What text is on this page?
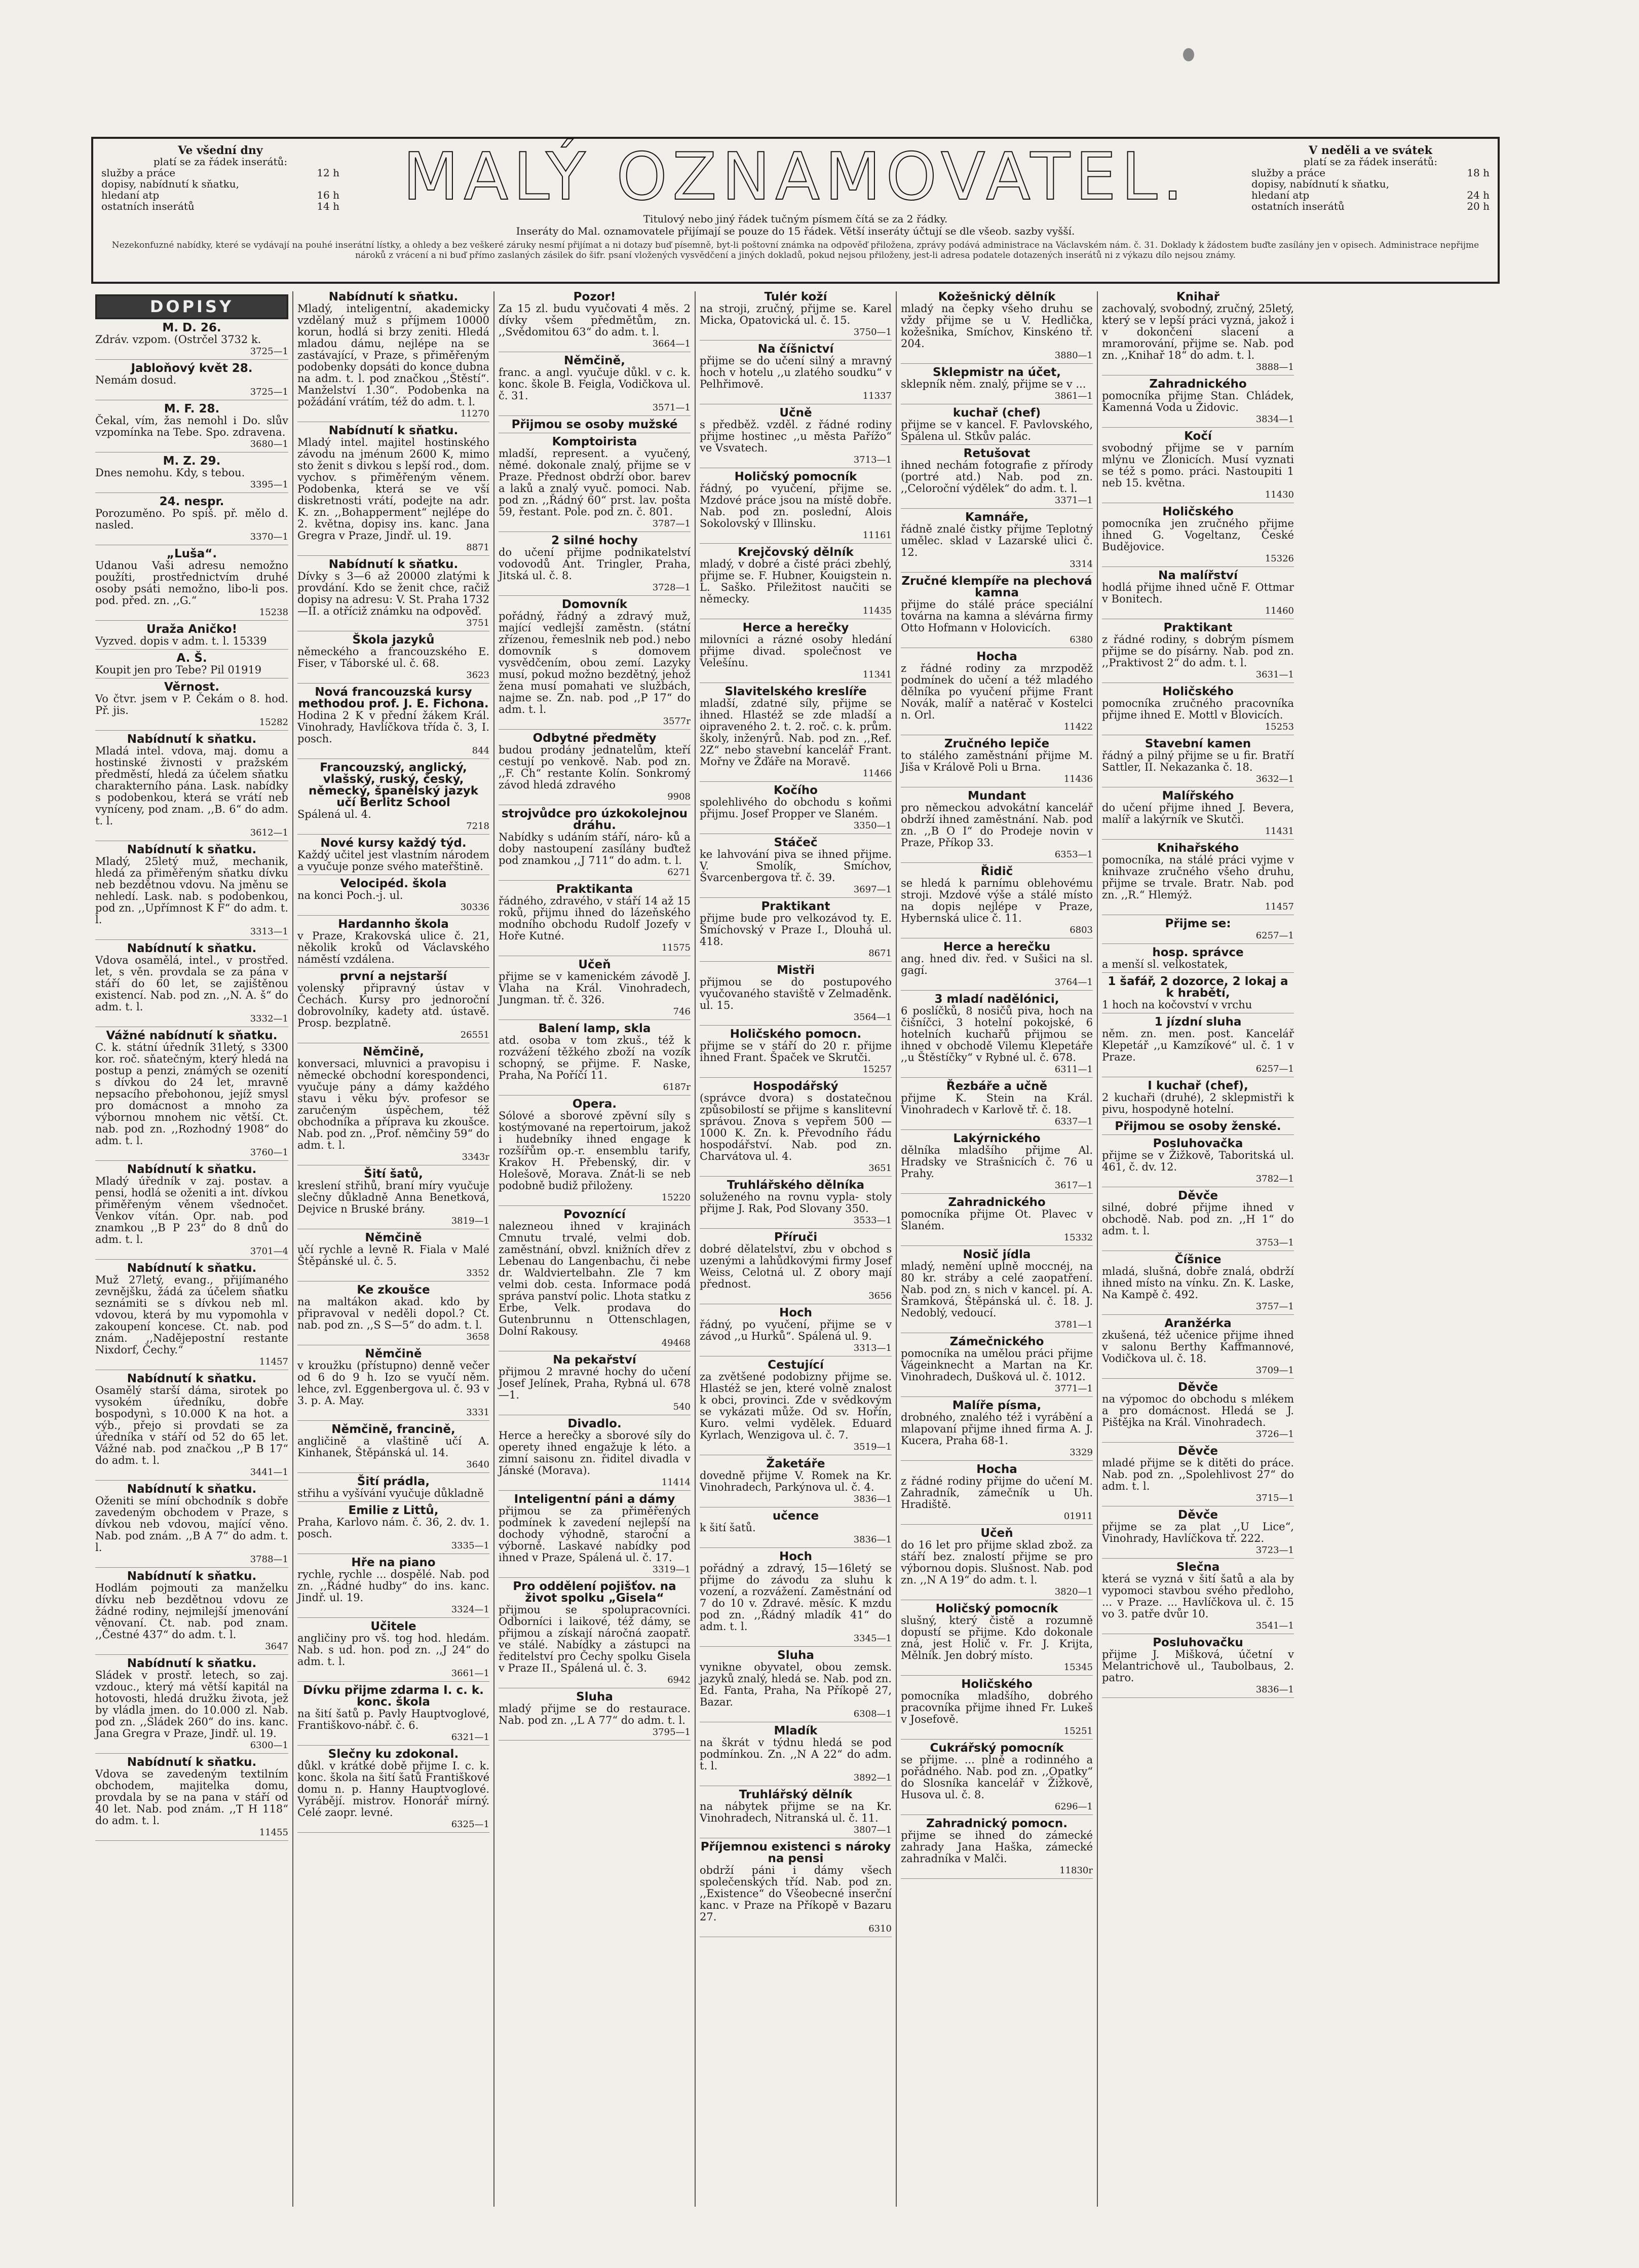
Ve všední dny
platí se za řádek inserátů:
služby a práce	12 h
dopisy, nabídnutí k sňatku,
hledaní atp	16 h
ostatních inserátů	14 h MALÝ OZNAMOVATEL.
Titulový nebo jiný řádek tučným písmem čítá se za 2 řádky.
Inseráty do Mal. oznamovatele přijímají se pouze do 15 řádek. Větší inseráty účtují se dle všeob. sazby vyšší.
V neděli a ve svátek
platí se za řádek inserátů:
služby a práce	18 h
dopisy, nabídnutí k sňatku,
hledaní atp	24 h
ostatních inserátů	20 h
Nezekonfuzné nabídky, které se vydávají na pouhé inserátní lístky, a ohledy a bez veškeré záruky nesmí přijímat a ni dotazy buď písemně, byt-li poštovní známka na odpověď přiložena, zprávy podává administrace na Václavském nám. č. 31. Doklady k žádostem buďte zasílány jen v opisech. Administrace nepřijme nároků z vrácení a ni buď přímo zaslaných zásilek do šifr. psaní vložených vysvědčení a jiných dokladů, pokud nejsou přiloženy, jest-li adresa podatele dotazených inserátů ni z výkazu dílo nejsou známy.
DOPISY
M. D. 26.
Zdráv. vzpom. (Ostrčel 3732 k.
3725—1
Jabloňový květ 28.
Nemám dosud.
3725—1
M. F. 28.
Čekal, vím, žas nemohl i Do. slův vzpomínka na Tebe. Spo. zdravena.
3680—1
M. Z. 29.
Dnes nemohu. Kdy, s tebou.
3395—1
24. nespr.
Porozuměno. Po spíš. př. mělo d. nasled.
3370—1
„Luša“.
Udanou Vaši adresu nemožno použíti, prostřednictvím druhé osoby psáti nemožno, libo-li pos. pod. před. zn. ,,G.“
15238
Uraža Aničko!
Vyzved. dopis v adm. t. l. 15339
A. Š.
Koupit jen pro Tebe? Pil 01919
Věrnost.
Vo čtvr. jsem v P. Čekám o 8. hod. Př. jis.
15282
Nabídnutí k sňatku.
Mladá intel. vdova, maj. domu a hostinské živnosti v pražském předměstí, hledá za účelem sňatku charakterního pána. Lask. nabídky s podobenkou, která se vrátí neb vyníceny, pod znam. ,,B. 6“ do adm. t. l.
3612—1
Nabídnutí k sňatku.
Mladý, 25letý muž, mechanik, hledá za přiměřeným sňatku dívku neb bezdětnou vdovu. Na jměnu se nehledí. Lask. nab. s podobenkou, pod zn. ,,Upřímnost K F“ do adm. t. l.
3313—1
Nabídnutí k sňatku.
Vdova osamělá, intel., v prostřed. let, s věn. provdala se za pána v stáří do 60 let, se zajištěnou existencí. Nab. pod zn. ,,N. A. š“ do adm. t. l.
3332—1
Vážné nabídnutí k sňatku.
C. k. státní úředník 31letý, s 3300 kor. roč. sňatečným, který hledá na postup a penzi, známých se ozenití s dívkou do 24 let, mravně nepsacího přebohonou, jejíž smysl pro domácnost a mnoho za výbornou mnohem nic větší. Ct. nab. pod zn. ,,Rozhodný 1908“ do adm. t. l.
3760—1
Nabídnutí k sňatku.
Mladý úředník v zaj. postav. a pensi, hodlá se oženiti a int. dívkou přiměřeným věnem všednočet. Venkov vítán. Opr. nab. pod znamkou ,,B P 23“ do 8 dnů do adm. t. l.
3701—4
Nabídnutí k sňatku.
Muž 27letý, evang., přijímaného zevnějšku, žádá za účelem sňatku seznámiti se s dívkou neb ml. vdovou, která by mu vypomohla v zakoupení koncese. Ct. nab. pod znám. ,,Nadějepostní restante Nixdorf, Čechy.“
11457
Nabídnutí k sňatku.
Osamělý starší dáma, sirotek po vysokém úředníku, dobře bospodynì, s 10.000 K na hot. a výb., přejo si provdati se za úředníka v stáří od 52 do 65 let. Vážné nab. pod značkou ,,P B 17“ do adm. t. l.
3441—1
Nabídnutí k sňatku.
Oženiti se míní obchodník s dobře zavedeným obchodem v Praze, s dívkou neb vdovou, mající věno. Nab. pod znám. ,,B A 7“ do adm. t. l.
3788—1
Nabídnutí k sňatku.
Hodlám pojmouti za manželku dívku neb bezdětnou vdovu ze žádné rodiny, nejmilejší jmenování věnovaní. Ct. nab. pod znam. ,,Čestné 437“ do adm. t. l.
3647
Nabídnutí k sňatku.
Sládek v prostř. letech, so zaj. vzdouc., který má větší kapitál na hotovosti, hledá družku života, jež by vládla jmen. do 10.000 zl. Nab. pod zn. ,,Sládek 260“ do ins. kanc. Jana Gregra v Praze, Jindř. ul. 19.
6300—1
Nabídnutí k sňatku.
Vdova se zavedeným textilním obchodem, majitelka domu, provdala by se na pana v stáří od 40 let. Nab. pod znám. ,,T H 118“ do adm. t. l.
11455
Nabídnutí k sňatku.
Mladý, inteligentní, akademicky vzdělaný muž s příjmem 10000 korun, hodlá si brzy zeniti. Hledá mladou dámu, nejlépe na se zastávající, v Praze, s přiměřeným podobenky dopsáti do konce dubna na adm. t. l. pod značkou ,,Štěstí“. Manželství 1.30“. Podobenka na požádání vrátím, též do adm. t. l.
11270
Nabídnutí k sňatku.
Mladý intel. majitel hostinského závodu na jménum 2600 K, mimo sto ženit s divkou s lepší rod., dom. vychov. s přiměřeným věnem. Podobenka, která se ve vší diskretnosti vrátí, podejte na adr. K. zn. ,,Bohapperment“ nejlépe do 2. května, dopisy ins. kanc. Jana Gregra v Praze, Jindř. ul. 19.
8871
Nabídnutí k sňatku.
Dívky s 3—6 až 20000 zlatými k provdání. Kdo se ženit chce, račiž dopisy na adresu: V. St. Praha 1732—II. a otříciž známku na odpověď.
3751
Škola jazyků
německého a francouzského E. Fiser, v Táborské ul. č. 68.
3623
Nová francouzská kursy methodou prof. J. E. Fichona.
Hodina 2 K v přední žákem Král. Vinohrady, Havlíčkova třída č. 3, I. posch.
844
Francouzský, anglický, vlašský, ruský, český, německý, španělský jazyk učí Berlitz School
Spálená ul. 4.
7218
Nové kursy každý týd.
Každý učitel jest vlastním národem a vyučuje ponze svého mateřštině.
Velocipéd. škola
na konci Poch.-j. ul.
30336
Hardannho škola
v Praze, Krakovská ulice č. 21, několik kroků od Václavského náměstí vzdálena.
první a nejstarší
volenský připravný ústav v Čechách. Kursy pro jednoroční dobrovolníky, kadety atd. ústavě. Prosp. bezplatně.
26551
Němčině,
konversaci, mluvnici a pravopisu i německé obchodní korespondenci, vyučuje pány a dámy každého stavu i věku býv. profesor se zaručeným úspěchem, též obchodníka a příprava ku zkoušce. Nab. pod zn. ,,Prof. němčiny 59“ do adm. t. l.
3343r
Šití šatů,
kreslení střihů, braní míry vyučuje slečny důkladně Anna Benetková, Dejvice n Bruské brány.
3819—1
Němčině
učí rychle a levně R. Fiala v Malé Štěpánské ul. č. 5.
3352
Ke zkoušce
na maltákon akad. kdo by připravoval v neděli dopol.? Ct. nab. pod zn. ,,S S—5“ do adm. t. l.
3658
Němčině
v kroužku (přístupno) denně večer od 6 do 9 h. Izo se vyučí něm. lehce, zvl. Eggenbergova ul. č. 93 v 3. p. A. May.
3331
Němčině, francině,
angličině a vlaštině učí A. Kinhanek, Štěpánská ul. 14.
3640
Šití prádla,
střihu a vyšívání vyučuje důkladně
Emilie z Littů,
Praha, Karlovo nám. č. 36, 2. dv. 1. posch.
3335—1
Hře na piano
rychle, rychle ... dospělé. Nab. pod zn. ,,Řádné hudby“ do ins. kanc. Jindř. ul. 19.
3324—1
Učitele
angličiny pro vš. tog hod. hledám. Nab. s ud. hon. pod zn. ,,J 24“ do adm. t. l.
3661—1
Dívku přijme zdarma I. c. k. konc. škola
na šití šatů p. Pavly Hauptvoglové, Františkovo-nábř. č. 6.
6321—1
Slečny ku zdokonal.
důkl. v krátké době přijme I. c. k. konc. škola na šití šatů Františkové domu n. p. Hanny Hauptvoglové. Vyrábějí. mistrov. Honorář mírný. Celé zaopr. levné.
6325—1
Pozor!
Za 15 zl. budu vyučovati 4 měs. 2 dívky všem předmětům, zn. ,,Svědomitou 63“ do adm. t. l.
3664—1
Němčině,
franc. a angl. vyučuje důkl. v c. k. konc. škole B. Feigla, Vodičkova ul. č. 31.
3571—1
Přijmou se osoby mužské
Komptoirista
mladší, represent. a vyučený, němé. dokonale znalý, přijme se v Praze. Přednost obdrží obor. barev a laků a znalý vyuč. pomoci. Nab. pod zn. ,,Řádný 60“ prst. lav. pošta 59, řestant. Pole. pod zn. č. 801.
3787—1
2 silné hochy
do učení přijme podnikatelství vodovodů Ant. Tringler, Praha, Jitská ul. č. 8.
3728—1
Domovník
pořádný, řádný a zdravý muž, mající vedlejší zaměstn. (státní zřízenou, řemeslnik neb pod.) nebo domovník s domovem vysvědčením, obou zemí. Lazyky musí, pokud možno bezdětný, jehož žena musí pomahati ve službách, najme se. Zn. nab. pod ,,P 17“ do adm. t. l.
3577r
Odbytné předměty
budou prodány jednatelům, kteří cestují po venkově. Nab. pod zn. ,,F. Ch“ restante Kolín. Sonkromý závod hledá zdravého
9908
strojvůdce pro úzkokolejnou dráhu.
Nabídky s udáním stáří, náro- ků a doby nastoupení zasílány buďtež pod znamkou ,,J 711“ do adm. t. l.
6271
Praktikanta
řádného, zdravého, v stáří 14 až 15 roků, přijmu ihned do lázeňského modního obchodu Rudolf Jozefy v Hoře Kutné.
11575
Učeň
přijme se v kamenickém závodě J. Vlaha na Král. Vinohradech, Jungman. tř. č. 326.
746
Balení lamp, skla
atd. osoba v tom zkuš., též k rozvážení těžkého zboží na vozík schopný, se přijme. F. Naske, Praha, Na Poříčí 11.
6187r
Opera.
Sólové a sborové zpěvní síly s kostýmované na repertoirum, jakož i hudebníky ihned engage k rozšířům op.-r. ensemblu tarify, Krakov H. Přebenský, dir. v Holešově, Morava. Znát-li se neb podobně budiž přiloženy.
15220
Povoznící
nalezneou ihned v krajinách Cmnutu trvalé, velmi dob. zaměstnání, obvzl. knižních dřev z Lebenau do Langenbachu, či nebe dr. Waldviertelbahn. Zle 7 km velmi dob. cesta. Informace podá správa panství polic. Lhota statku z Erbe, Velk. prodava do Gutenbrunnu n Ottenschlagen, Dolní Rakousy.
49468
Na pekařství
přijmou 2 mravné hochy do učení Josef Jelínek, Praha, Rybná ul. 678—1.
540
Divadlo.
Herce a herečky a sborové síly do operety ihned engažuje k léto. a zimní saisonu zn. řiditel divadla v Jánské (Morava).
11414
Inteligentní páni a dámy
přijmou se za přiměřených podmínek k zavedení nejlepší na dochody výhodně, staroční a výborně. Laskavé nabídky pod ihned v Praze, Spálená ul. č. 17.
3319—1
Pro oddělení pojišťov. na život spolku „Gisela“
přijmou se spolupracovníci. Odborníci i laikové, též dámy, se přijmou a získají náročná zaopatř. ve stálé. Nabídky a zástupci na ředitelství pro Čechy spolku Gisela v Praze II., Spálená ul. č. 3.
6942
Sluha
mladý přijme se do restaurace. Nab. pod zn. ,,L A 77“ do adm. t. l.
3795—1
Tulér koží
na stroji, zručný, přijme se. Karel Micka, Opatovická ul. č. 15.
3750—1
Na číšnictví
přijme se do učení silný a mravný hoch v hotelu ,,u zlatého soudku“ v Pelhřimově.
11337
Učně
s předběž. vzděl. z řádné rodiny přijme hostinec ,,u města Pařížo“ ve Vsvatech.
3713—1
Holičský pomocník
řádný, po vyučení, přijme se. Mzdové práce jsou na místě dobře. Nab. pod zn. poslední, Alois Sokolovský v Illinsku.
11161
Krejčovský dělník
mladý, v dobré a čisté práci zbehlý, přijme se. F. Hubner, Kouigstein n. L. Saško. Přiležitost naučiti se německy.
11435
Herce a herečky
milovníci a rázné osoby hledání přijme divad. společnost ve Velešínu.
11341
Slavitelského kreslíře
mladší, zdatné síly, přijme se ihned. Hlastéž se zde mladší a oipraveného 2. t. 2. roč. c. k. prům. školy, inženýrů. Nab. pod zn. ,,Ref. 2Z“ nebo stavební kancelář Frant. Mořny ve Žďáře na Moravě.
11466
Kočího
spolehlivého do obchodu s koňmi přijmu. Josef Propper ve Slaném.
3350—1
Stáčeč
ke lahvování piva se ihned přijme. V. Smolík, Smíchov, Švarcenbergova tř. č. 39.
3697—1
Praktikant
přijme bude pro velkozávod ty. E. Šmíchovský v Praze I., Dlouhá ul. 418.
8671
Mistři
přijmou se do postupového vyučovaného staviště v Zelmaděnk. ul. 15.
3564—1
Holičského pomocn.
přijme se v stáří do 20 r. přijme ihned Frant. Špaček ve Skrutči.
15257
Hospodářský
(správce dvora) s dostatečnou způsobilostí se přijme s kanslitevní správou. Znova s vepřem 500 — 1000 K. Zn. k. Převodního řádu hospodářství. Nab. pod zn. Charvátova ul. 4.
3651
Truhlářského dělníka
soluženého na rovnu vypla- stoly přijme J. Rak, Pod Slovany 350.
3533—1
Příruči
dobré dělatelství, zbu v obchod s uzenými a lahůdkovými firmy Josef Weiss, Celotná ul. Z obory mají přednost.
3656
Hoch
řádný, po vyučení, přijme se v závod ,,u Hurků“. Spálená ul. 9.
3313—1
Cestující
za zvětšené podobizny přijme se. Hlastéž se jen, které volně znalost k obci, provinci. Zde v svědkovým se vykázati může. Od sv. Hořín, Kuro. velmi vydělek. Eduard Kyrlach, Wenzigova ul. č. 7.
3519—1
Žaketáře
dovedně přijme V. Romek na Kr. Vinohradech, Parkýnova ul. č. 4.
3836—1
učence
k šití šatů.
3836—1
Hoch
pořádný a zdravý, 15—16letý se přijme do závodu za sluhu k vození, a rozvážení. Zaměstnání od 7 do 10 v. Zdravé. měsíc. K mzdu pod zn. ,,Řádný mladík 41“ do adm. t. l.
3345—1
Sluha
vynikne obyvatel, obou zemsk. jazyků znalý, hledá se. Nab. pod zn. Ed. Fanta, Praha, Na Příkopě 27, Bazar.
6308—1
Mladík
na škrát v týdnu hledá se pod podmínkou. Zn. ,,N A 22“ do adm. t. l.
3892—1
Truhlářský dělník
na nábytek přijme se na Kr. Vinohradech, Nitranská ul. č. 11.
3807—1
Příjemnou existenci s nároky na pensi
obdrží páni i dámy všech společenských tříd. Nab. pod zn. ,,Existence“ do Všeobecné inserční kanc. v Praze na Příkopě v Bazaru 27.
6310
Kožešnický dělník
mladý na čepky všeho druhu se vždy přijme se u V. Hedlička, kožešnika, Smíchov, Kinskéno tř. 204.
3880—1
Sklepmistr na účet,
sklepník něm. znalý, přijme se v ...
3861—1
kuchař (chef)
přijme se v kancel. F. Pavlovského, Spálena ul. Stkův palác.
Retušovat
ihned nechám fotografie z přírody (portré atd.) Nab. pod zn. ,,Celoroční výdělek“ do adm. t. l.
3371—1
Kamnáře,
řádně znalé čistky přijme Teplotný umělec. sklad v Lazarské ulici č. 12.
3314
Zručné klempíře na plechová kamna
přijme do stálé práce speciální továrna na kamna a slévárna firmy Otto Hofmann v Holovicích.
6380
Hocha
z řádné rodiny za mrzpoděž podmínek do učení a též mladého dělníka po vyučení přijme Frant Novák, malíř a natěrač v Kostelci n. Orl.
11422
Zručného lepiče
to stálého zaměstnání přijme M. Jiša v Králově Poli u Brna.
11436
Mundant
pro německou advokátní kancelář obdrží ihned zaměstnání. Nab. pod zn. ,,B O I“ do Prodeje novin v Praze, Příkop 33.
6353—1
Řidič
se hledá k parnímu oblehovému stroji. Mzdové výše a stálé místo na dopis nejlépe v Praze, Hybernská ulice č. 11.
6803
Herce a herečku
ang. hned div. řed. v Sušici na sl. gagí.
3764—1
3 mladí nadělónici,
6 poslíčků, 8 nosičů piva, hoch na čišníčci, 3 hotelní pokojské, 6 hotelních kuchařů přijmou se ihned v obchodě Vilemu Klepetáře ,,u Štěstíčky“ v Rybné ul. č. 678.
6311—1
Řezbáře a učně
přijme K. Stein na Král. Vinohradech v Karlově tř. č. 18.
6337—1
Lakýrnického
dělníka mladšího přijme Al. Hradsky ve Strašnicích č. 76 u Prahy.
3617—1
Zahradnického
pomocníka přijme Ot. Plavec v Slaném.
15332
Nosič jídla
mladý, nemění uplně moccnéj, na 80 kr. stráby a celé zaopatření. Nab. pod zn. s nich v kancel. pí. A. Šramková, Štěpánská ul. č. 18. J. Nedoblý, vedoucí.
3781—1
Zámečnického
pomocníka na umělou práci přijme Vágeinknecht a Martan na Kr. Vinohradech, Dušková ul. č. 1012.
3771—1
Malíře písma,
drobného, znalého též i vyrábění a mlapovaní přijme ihned firma A. J. Kucera, Praha 68-1.
3329
Hocha
z řádné rodiny přijme do učení M. Zahradník, zámečník u Uh. Hradiště.
01911
Učeň
do 16 let pro přijme sklad zbož. za stáří bez. znalostí přijme se pro výbornou dopis. Slušnost. Nab. pod zn. ,,N A 19“ do adm. t. l.
3820—1
Holičský pomocník
slušný, který čistě a rozumně dopustí se přijme. Kdo dokonale zná, jest Holič v. Fr. J. Krijta, Mělník. Jen dobrý místo.
15345
Holičského
pomocníka mladšího, dobrého pracovníka přijme ihned Fr. Lukeš v Josefově.
15251
Cukrářský pomocník
se přijme. ... plně a rodinného a pořádného. Nab. pod zn. ,,Opatky“ do Slosníka kancelář v Žižkově, Husova ul. č. 8.
6296—1
Zahradnický pomocn.
přijme se ihned do zámecké zahrady Jana Haška, zámecké zahradníka v Malči.
11830r
Knihař
zachovalý, svobodný, zručný, 25letý, který se v lepší práci vyzná, jakož i v dokončení slacení a mramorování, přijme se. Nab. pod zn. ,,Knihař 18“ do adm. t. l.
3888—1
Zahradnického
pomocníka přijme Stan. Chládek, Kamenná Voda u Židovic.
3834—1
Kočí
svobodný přijme se v parním mlýnu ve Zlonicích. Musí vyznati se též s pomo. práci. Nastoupiti 1 neb 15. května.
11430
Holičského
pomocníka jen zručného přijme ihned G. Vogeltanz, České Budějovice.
15326
Na malířství
hodlá přijme ihned učně F. Ottmar v Bonitech.
11460
Praktikant
z řádné rodiny, s dobrým písmem přijme se do písárny. Nab. pod zn. ,,Praktivost 2“ do adm. t. l.
3631—1
Holičského
pomocníka zručného pracovníka přijme ihned E. Mottl v Blovicích.
15253
Stavební kamen
řádný a pilný přijme se u fir. Bratří Sattler, II. Nekazanka č. 18.
3632—1
Malířského
do učení přijme ihned J. Bevera, malíř a lakýrník ve Skutči.
11431
Knihařského
pomocníka, na stálé práci vyjme v knihvaze zručného všeho druhu, přijme se trvale. Bratr. Nab. pod zn. ,,R.“ Hlemýž.
11457
Přijme se:
6257—1
hosp. správce
a menší sl. velkostatek,
1 šafář, 2 dozorce, 2 lokaj a k hrabětí,
1 hoch na kočovství v vrchu
1 jízdní sluha
něm. zn. men. post. Kancelář Klepetář ,,u Kamzíkové“ ul. č. 1 v Praze.
6257—1
I kuchař (chef),
2 kuchaři (druhé), 2 sklepmistři k pivu, hospodyně hotelní.
Přijmou se osoby ženské.
Posluhovačka
přijme se v Žižkově, Taboritská ul. 461, č. dv. 12.
3782—1
Děvče
silné, dobré přijme ihned v obchodě. Nab. pod zn. ,,H 1“ do adm. t. l.
3753—1
Číšnice
mladá, slušná, dobře znalá, obdrží ihned místo na vínku. Zn. K. Laske, Na Kampě č. 492.
3757—1
Aranžérka
zkušená, též učenice přijme ihned v salonu Berthy Kaffmannové, Vodičkova ul. č. 18.
3709—1
Děvče
na výpomoc do obchodu s mlékem a pro domácnost. Hledá se J. Pištějka na Král. Vinohradech.
3726—1
Děvče
mladé přijme se k ditěti do práce. Nab. pod zn. ,,Spolehlivost 27“ do adm. t. l.
3715—1
Děvče
přijme se za plat ,,U Lice“, Vinohrady, Havlíčkova tř. 222.
3723—1
Slečna
která se vyzná v šití šatů a ala by vypomoci stavbou svého předloho, ... v Praze. ... Havlíčkova ul. č. 15 vo 3. patře dvůr 10.
3541—1
Posluhovačku
přijme J. Mišková, účetní v Melantrichově ul., Taubolbaus, 2. patro.
3836—1
